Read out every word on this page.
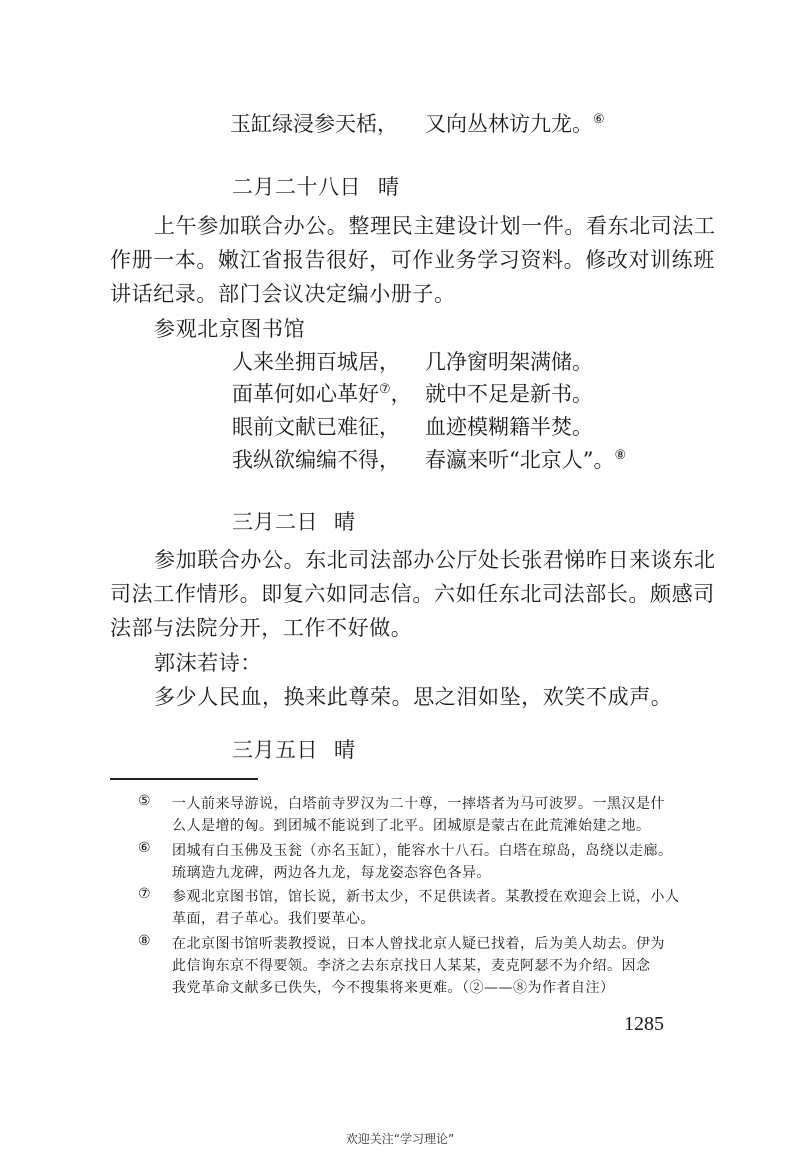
玉缸绿浸参天栝， 又向丛林访九龙。⑥
二月二十八日 晴
上午参加联合办公。整理民主建设计划一件。看东北司法工
作册一本。嫩江省报告很好，可作业务学习资料。修改对训练班
讲话纪录。部门会议决定编小册子。
参观北京图书馆
人来坐拥百城居， 几净窗明架满储。
面革何如心革好⑦， 就中不足是新书。
眼前文献已难征， 血迹模糊籍半焚。
我纵欲编编不得， 春瀛来听“北京人”。⑧
三月二日 晴
参加联合办公。东北司法部办公厅处长张君悌昨日来谈东北
司法工作情形。即复六如同志信。六如任东北司法部长。颇感司
法部与法院分开，工作不好做。
郭沫若诗：
多少人民血，换来此尊荣。思之泪如坠，欢笑不成声。
三月五日 晴
⑤ 一人前来导游说，白塔前寺罗汉为二十尊，一摔塔者为马可波罗。一黑汉是什
么人是增的匈。到团城不能说到了北平。团城原是蒙古在此荒滩始建之地。
⑥ 团城有白玉佛及玉瓮（亦名玉缸），能容水十八石。白塔在琼岛，岛绕以走廊。
琉璃造九龙碑，两边各九龙，每龙姿态容色各异。
⑦ 参观北京图书馆，馆长说，新书太少，不足供读者。某教授在欢迎会上说，小人
革面，君子革心。我们要革心。
⑧ 在北京图书馆听裴教授说，日本人曾找北京人疑已找着，后为美人劫去。伊为
此信询东京不得要领。李济之去东京找日人某某，麦克阿瑟不为介绍。因念
我党革命文献多已佚失，今不搜集将来更难。（②——⑧为作者自注）
1285
欢迎关注“学习理论”
